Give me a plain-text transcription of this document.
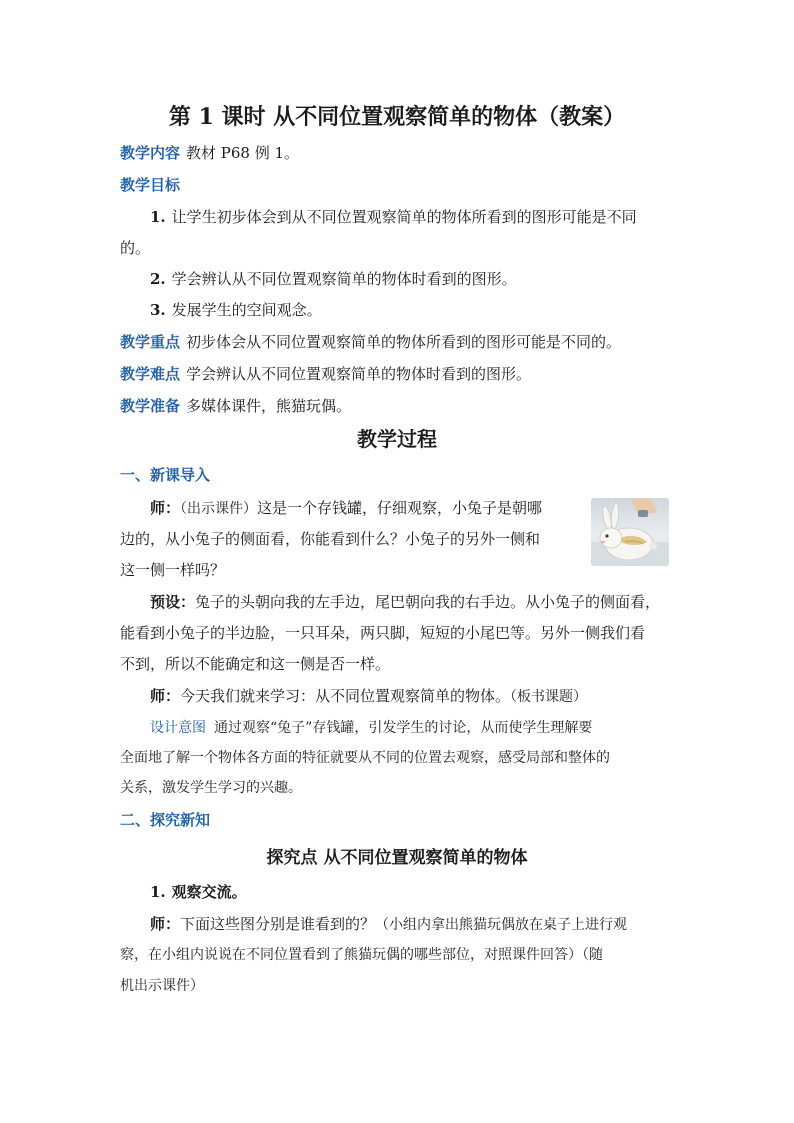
第 1 课时 从不同位置观察简单的物体（教案）
教学内容 教材 P68 例 1。
教学目标
1. 让学生初步体会到从不同位置观察简单的物体所看到的图形可能是不同
的。
2. 学会辨认从不同位置观察简单的物体时看到的图形。
3. 发展学生的空间观念。
教学重点 初步体会从不同位置观察简单的物体所看到的图形可能是不同的。
教学难点 学会辨认从不同位置观察简单的物体时看到的图形。
教学准备 多媒体课件，熊猫玩偶。
教学过程
一、新课导入
师：（出示课件）这是一个存钱罐，仔细观察，小兔子是朝哪
边的，从小兔子的侧面看，你能看到什么？小兔子的另外一侧和
这一侧一样吗？
预设：兔子的头朝向我的左手边，尾巴朝向我的右手边。从小兔子的侧面看，
能看到小兔子的半边脸，一只耳朵，两只脚，短短的小尾巴等。另外一侧我们看
不到，所以不能确定和这一侧是否一样。
师：今天我们就来学习：从不同位置观察简单的物体。（板书课题）
设计意图 通过观察“兔子”存钱罐，引发学生的讨论，从而使学生理解要
全面地了解一个物体各方面的特征就要从不同的位置去观察，感受局部和整体的
关系，激发学生学习的兴趣。
二、探究新知
探究点 从不同位置观察简单的物体
1. 观察交流。
师：下面这些图分别是谁看到的？（小组内拿出熊猫玩偶放在桌子上进行观
察，在小组内说说在不同位置看到了熊猫玩偶的哪些部位，对照课件回答）（随
机出示课件）
